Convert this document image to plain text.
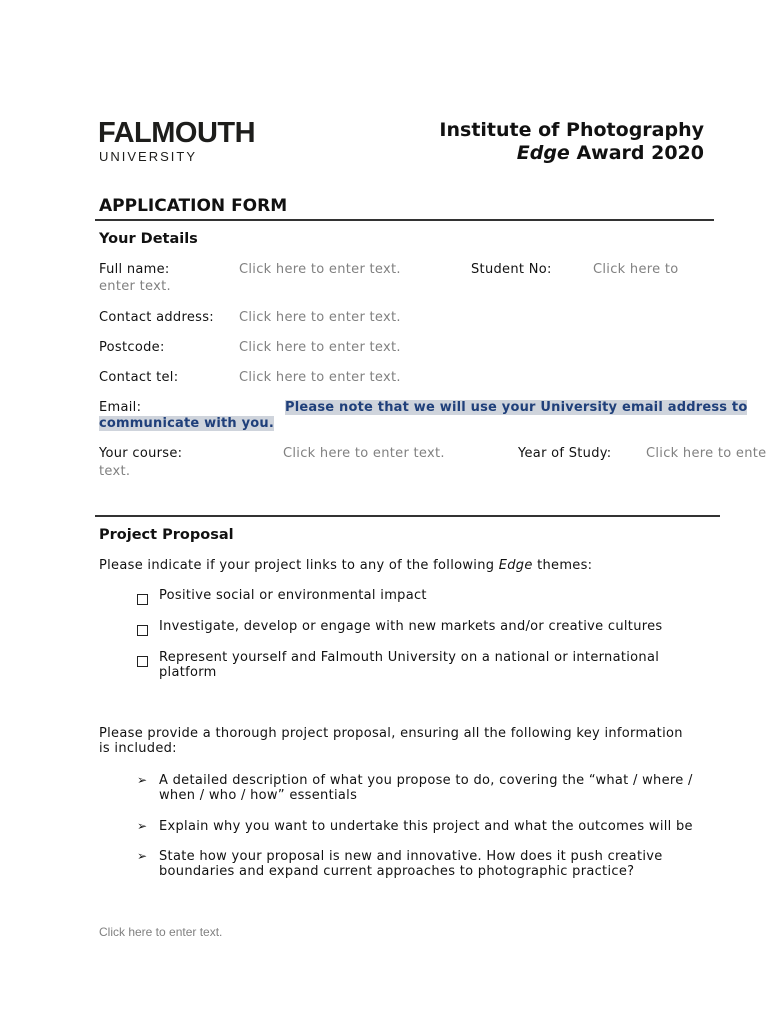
FALMOUTH
UNIVERSITY
Institute of Photography
Edge Award 2020
APPLICATION FORM
Your Details
Full name:	Click here to enter text.	Student No:	Click here to
enter text.
Contact address: Click here to enter text.
Postcode:	Click here to enter text.
Contact tel:	Click here to enter text.
Email:	Please note that we will use your University email address to
communicate with you.
Your course:	Click here to enter text.	Year of Study:	Click here to ente
text.
Project Proposal
Please indicate if your project links to any of the following Edge themes:
Positive social or environmental impact
Investigate, develop or engage with new markets and/or creative cultures
Represent yourself and Falmouth University on a national or international
platform
Please provide a thorough project proposal, ensuring all the following key information
is included:
➢ A detailed description of what you propose to do, covering the “what / where /
when / who / how” essentials
➢ Explain why you want to undertake this project and what the outcomes will be
➢ State how your proposal is new and innovative. How does it push creative
boundaries and expand current approaches to photographic practice?
Click here to enter text.
